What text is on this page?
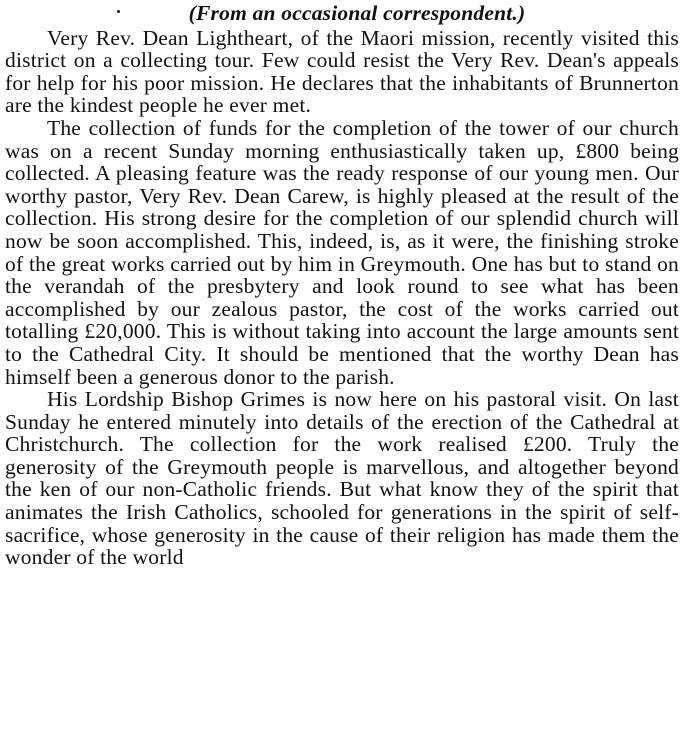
(From an occasional correspondent.)

Very Rev. Dean Lightheart, of the Maori mission, recently visited this district on a collecting tour. Few could resist the Very Rev. Dean's appeals for help for his poor mission. He declares that the inhabitants of Brunnerton are the kindest people he ever met.

The collection of funds for the completion of the tower of our church was on a recent Sunday morning enthusiastically taken up, £800 being collected. A pleasing feature was the ready response of our young men. Our worthy pastor, Very Rev. Dean Carew, is highly pleased at the result of the collection. His strong desire for the completion of our splendid church will now be soon accomplished. This, indeed, is, as it were, the finishing stroke of the great works carried out by him in Greymouth. One has but to stand on the verandah of the presbytery and look round to see what has been accomplished by our zealous pastor, the cost of the works carried out totalling £20,000. This is without taking into account the large amounts sent to the Cathedral City. It should be mentioned that the worthy Dean has himself been a generous donor to the parish.

His Lordship Bishop Grimes is now here on his pastoral visit. On last Sunday he entered minutely into details of the erection of the Cathedral at Christchurch. The collection for the work realised £200. Truly the generosity of the Greymouth people is marvellous, and altogether beyond the ken of our non-Catholic friends. But what know they of the spirit that animates the Irish Catholics, schooled for generations in the spirit of self-sacrifice, whose generosity in the cause of their religion has made them the wonder of the world
